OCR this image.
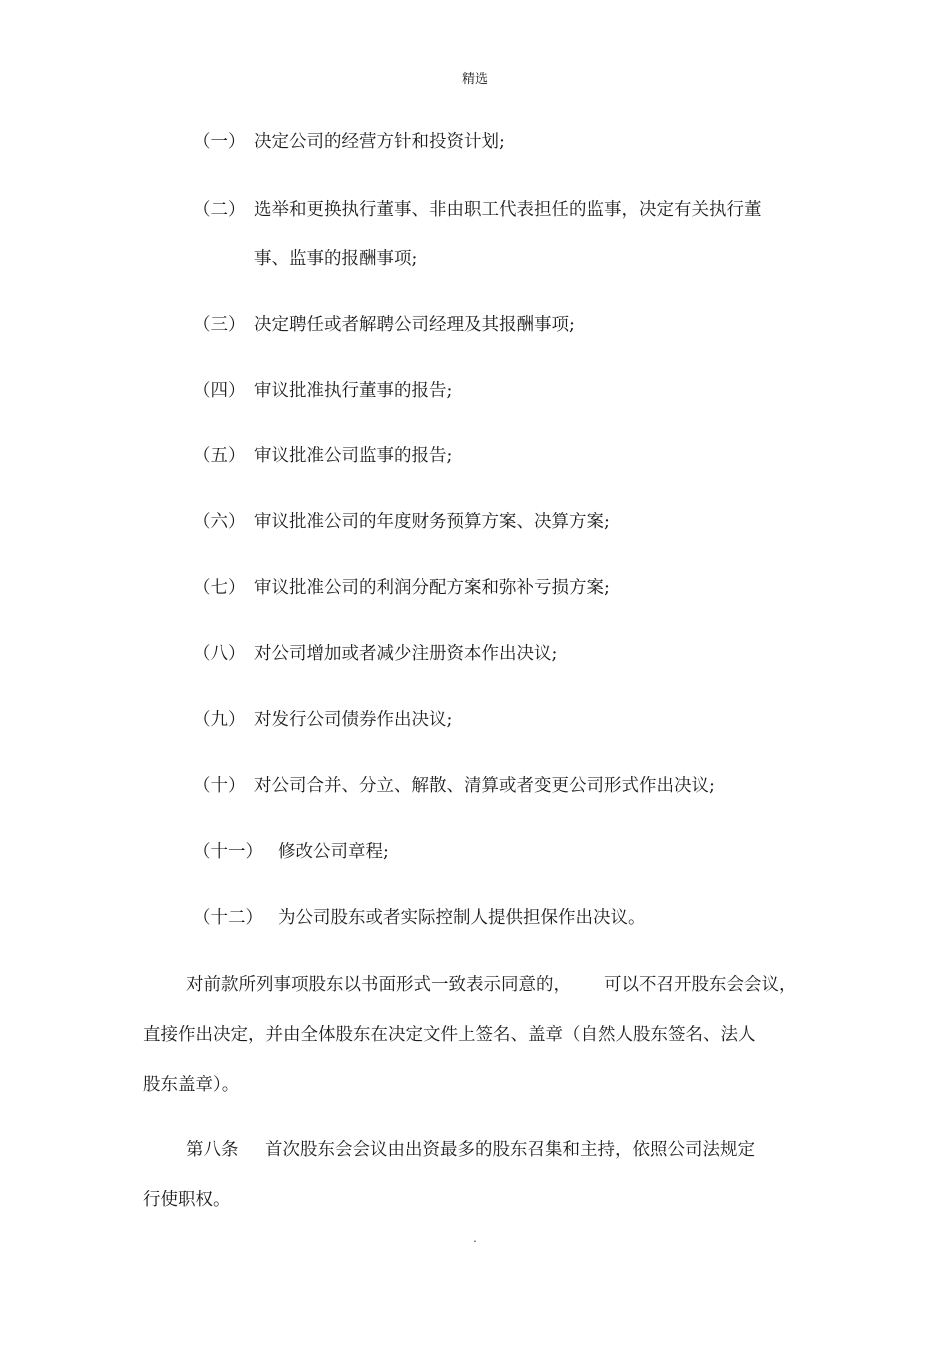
精选
（一） 决定公司的经营方针和投资计划;
（二） 选举和更换执行董事、非由职工代表担任的监事，决定有关执行董
事、监事的报酬事项;
（三） 决定聘任或者解聘公司经理及其报酬事项;
（四） 审议批准执行董事的报告;
（五） 审议批准公司监事的报告;
（六） 审议批准公司的年度财务预算方案、决算方案;
（七） 审议批准公司的利润分配方案和弥补亏损方案;
（八） 对公司增加或者减少注册资本作出决议;
（九） 对发行公司债券作出决议;
（十） 对公司合并、分立、解散、清算或者变更公司形式作出决议;
（十一） 修改公司章程;
（十二） 为公司股东或者实际控制人提供担保作出决议。
对前款所列事项股东以书面形式一致表示同意的， 可以不召开股东会会议，
直接作出决定，并由全体股东在决定文件上签名、盖章（自然人股东签名、法人
股东盖章）。
第八条 首次股东会会议由出资最多的股东召集和主持，依照公司法规定
行使职权。
.
